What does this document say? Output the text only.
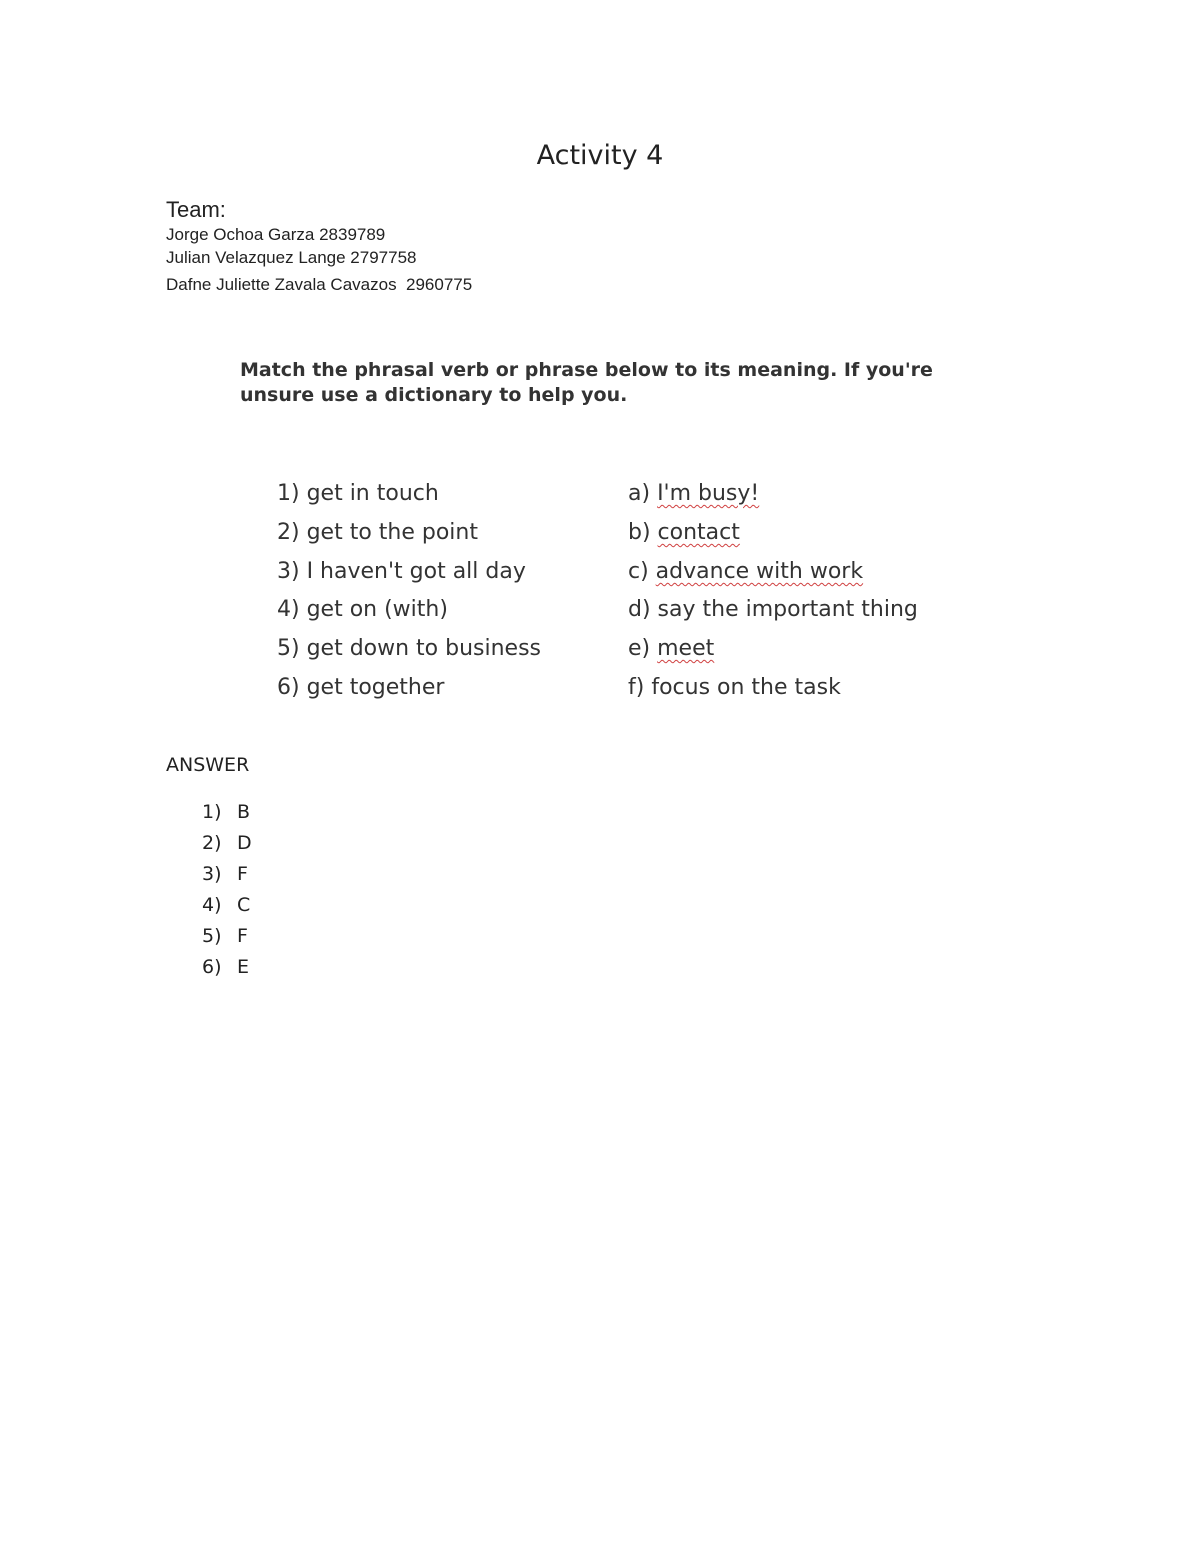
Activity 4
Team:
Jorge Ochoa Garza 2839789
Julian Velazquez Lange 2797758
Dafne Juliette Zavala Cavazos  2960775
Match the phrasal verb or phrase below to its meaning. If you're unsure use a dictionary to help you.
1) get in touch
2) get to the point
3) I haven't got all day
4) get on (with)
5) get down to business
6) get together
a) I'm busy!
b) contact
c) advance with work
d) say the important thing
e) meet
f) focus on the task
ANSWER
1) B
2) D
3) F
4) C
5) F
6) E
